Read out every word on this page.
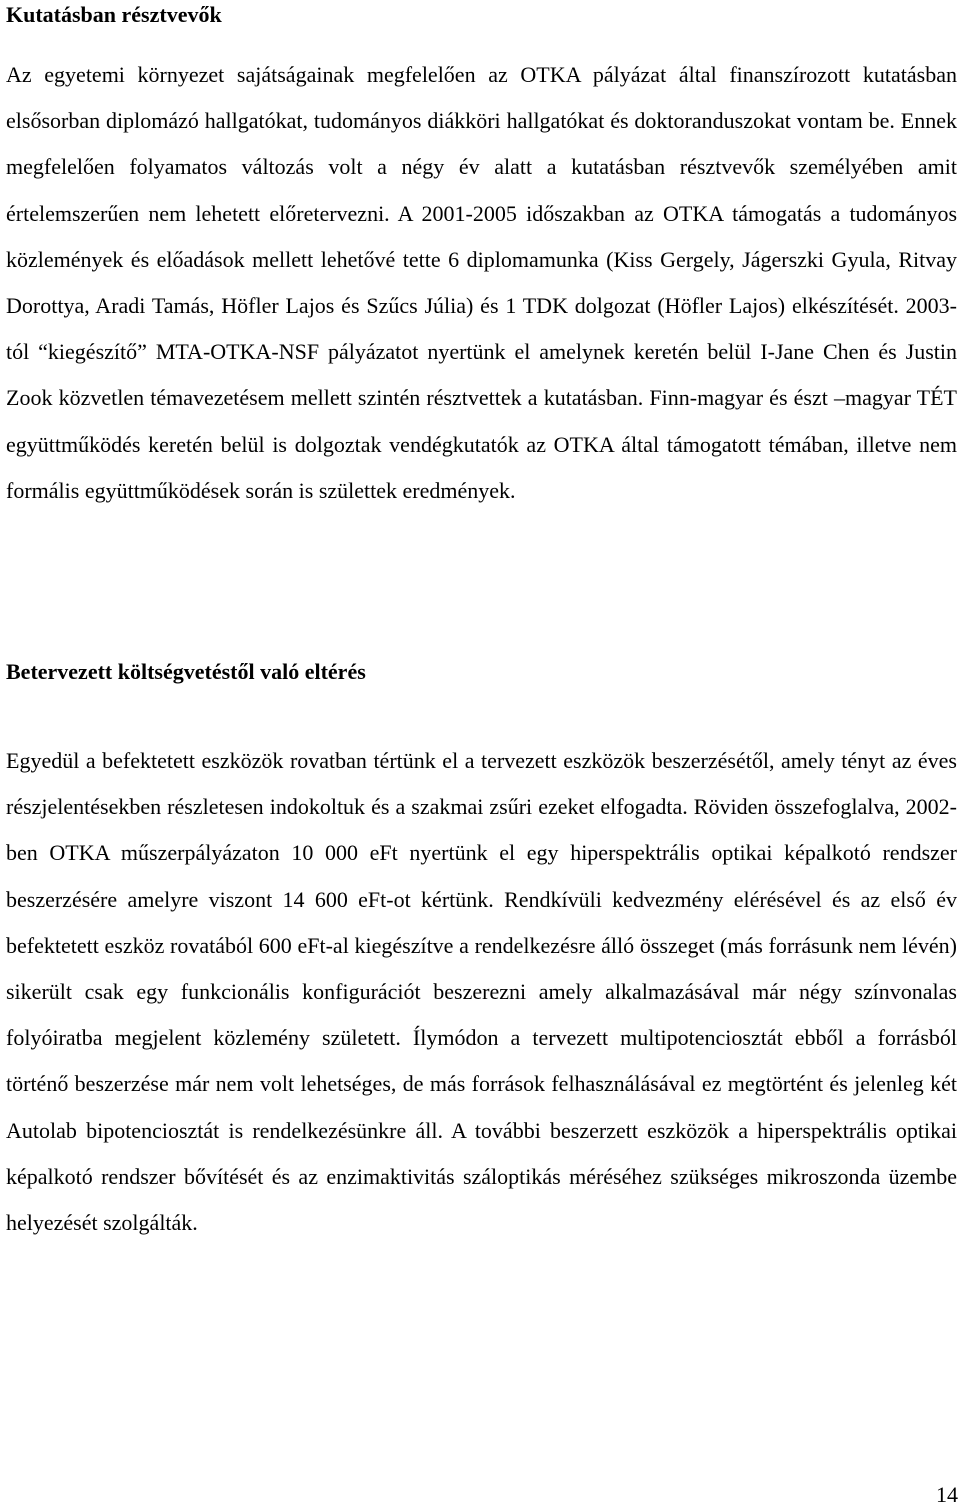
Kutatásban résztvevők

Az egyetemi környezet sajátságainak megfelelően az OTKA pályázat által finanszírozott kutatásban elsősorban diplomázó hallgatókat, tudományos diákköri hallgatókat és doktoranduszokat vontam be. Ennek megfelelően folyamatos változás volt a négy év alatt a kutatásban résztvevők személyében amit értelemszerűen nem lehetett előretervezni. A 2001-2005 időszakban az OTKA támogatás a tudományos közlemények és előadások mellett lehetővé tette 6 diplomamunka (Kiss Gergely, Jágerszki Gyula, Ritvay Dorottya, Aradi Tamás, Höfler Lajos és Szűcs Júlia) és 1 TDK dolgozat (Höfler Lajos) elkészítését. 2003-tól “kiegészítő” MTA-OTKA-NSF pályázatot nyertünk el amelynek keretén belül I-Jane Chen és Justin Zook közvetlen témavezetésem mellett szintén résztvettek a kutatásban. Finn-magyar és észt –magyar TÉT együttműködés keretén belül is dolgoztak vendégkutatók az OTKA által támogatott témában, illetve nem formális együttműködések során is születtek eredmények.

Betervezett költségvetéstől való eltérés

Egyedül a befektetett eszközök rovatban tértünk el a tervezett eszközök beszerzésétől, amely tényt az éves részjelentésekben részletesen indokoltuk és a szakmai zsűri ezeket elfogadta. Röviden összefoglalva, 2002-ben OTKA műszerpályázaton 10 000 eFt nyertünk el egy hiperspektrális optikai képalkotó rendszer beszerzésére amelyre viszont 14 600 eFt-ot kértünk. Rendkívüli kedvezmény elérésével és az első év befektetett eszköz rovatából 600 eFt-al kiegészítve a rendelkezésre álló összeget (más forrásunk nem lévén) sikerült csak egy funkcionális konfigurációt beszerezni amely alkalmazásával már négy színvonalas folyóiratba megjelent közlemény született. Ílymódon a tervezett multipotenciosztát ebből a forrásból történő beszerzése már nem volt lehetséges, de más források felhasználásával ez megtörtént és jelenleg két Autolab bipotenciosztát is rendelkezésünkre áll. A további beszerzett eszközök a hiperspektrális optikai képalkotó rendszer bővítését és az enzimaktivitás száloptikás méréséhez szükséges mikroszonda üzembe helyezését szolgálták.

14
